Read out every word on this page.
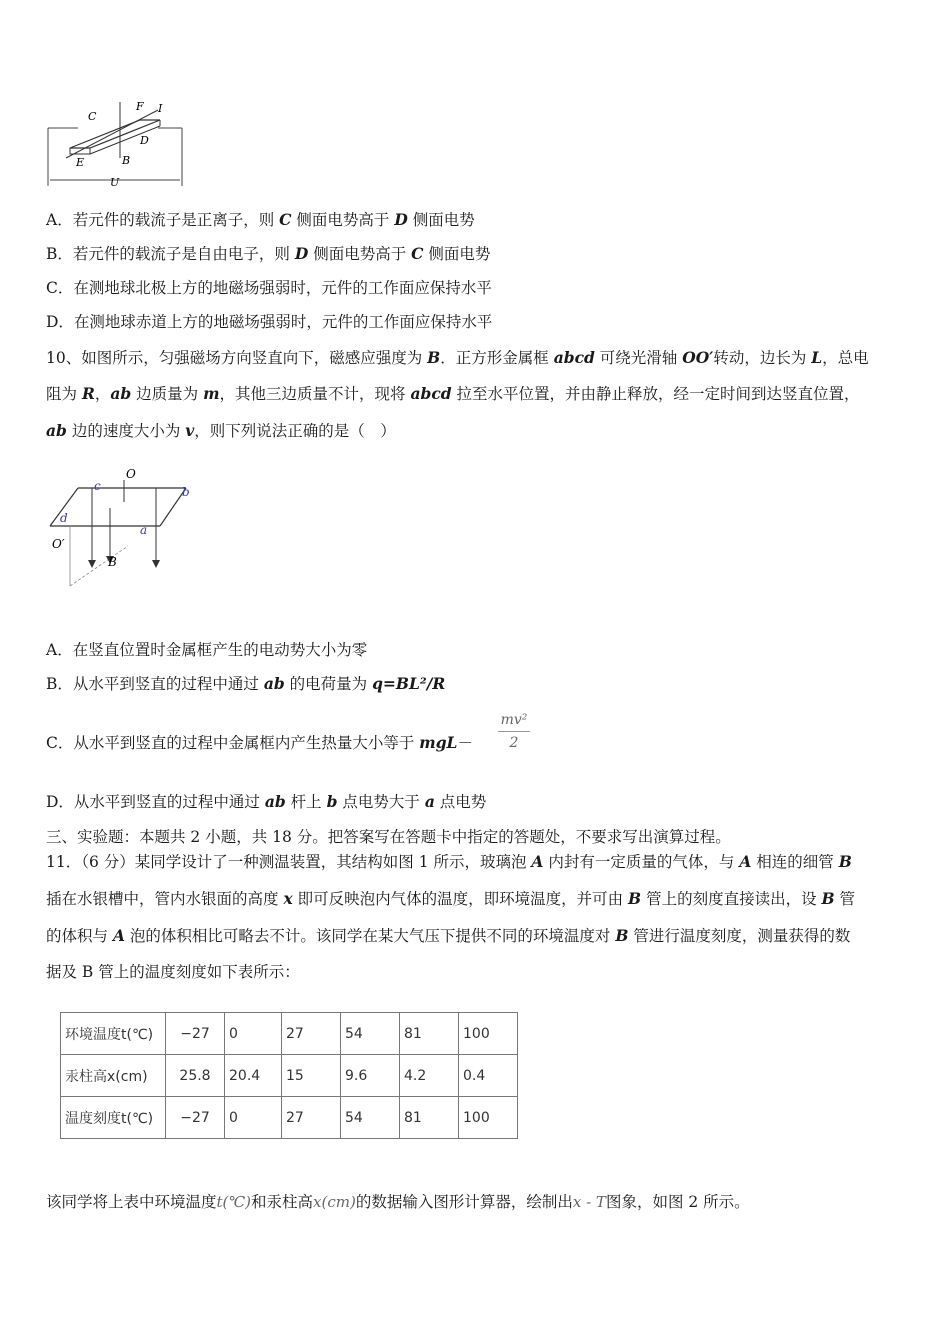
C
F I
D
E	B
U
A．若元件的载流子是正离子，则 C 侧面电势高于 D 侧面电势
B．若元件的载流子是自由电子，则 D 侧面电势高于 C 侧面电势
C．在测地球北极上方的地磁场强弱时，元件的工作面应保持水平
D．在测地球赤道上方的地磁场强弱时，元件的工作面应保持水平
10、如图所示，匀强磁场方向竖直向下，磁感应强度为 B．正方形金属框 abcd 可绕光滑轴 OO′转动，边长为 L，总电
阻为 R，ab 边质量为 m，其他三边质量不计，现将 abcd 拉至水平位置，并由静止释放，经一定时间到达竖直位置，
ab 边的速度大小为 v，则下列说法正确的是（　）
c
O
b
d
O′
a
B
A．在竖直位置时金属框产生的电动势大小为零
B．从水平到竖直的过程中通过 ab 的电荷量为 q=BL²/R
C．从水平到竖直的过程中金属框内产生热量大小等于 mgL－
mv²
2
D．从水平到竖直的过程中通过 ab 杆上 b 点电势大于 a 点电势
三、实验题：本题共 2 小题，共 18 分。把答案写在答题卡中指定的答题处，不要求写出演算过程。
11．（6 分）某同学设计了一种测温装置，其结构如图 1 所示，玻璃泡 A 内封有一定质量的气体，与 A 相连的细管 B
插在水银槽中，管内水银面的高度 x 即可反映泡内气体的温度，即环境温度，并可由 B 管上的刻度直接读出，设 B 管
的体积与 A 泡的体积相比可略去不计。该同学在某大气压下提供不同的环境温度对 B 管进行温度刻度，测量获得的数
据及 B 管上的温度刻度如下表所示：
环境温度t(℃)	−27	0	27	54	81	100
汞柱高x(cm)	25.8	20.4	15	9.6	4.2	0.4
温度刻度t(℃)	−27	0	27	54	81	100
该同学将上表中环境温度t(℃)和汞柱高x(cm)的数据输入图形计算器，绘制出x - T图象，如图 2 所示。
